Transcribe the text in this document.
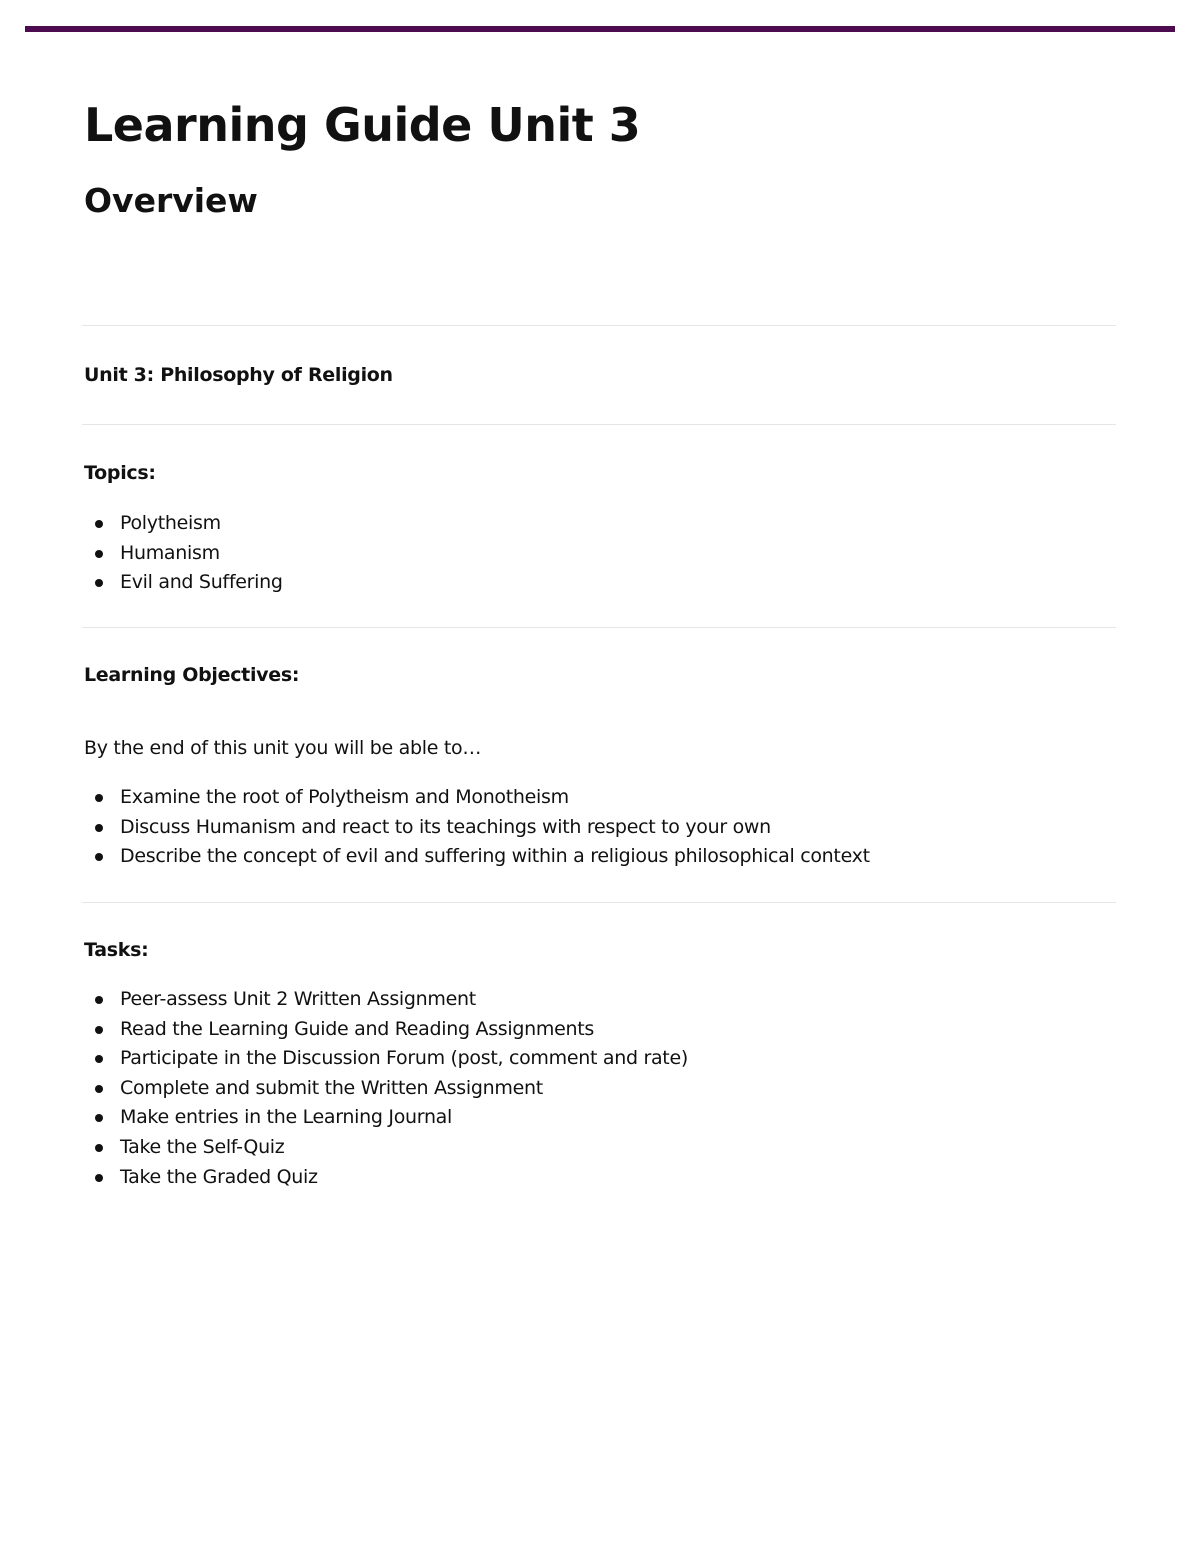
Learning Guide Unit 3
Overview

Unit 3: Philosophy of Religion

Topics:

Polytheism
Humanism
Evil and Suffering

Learning Objectives:

By the end of this unit you will be able to…

Examine the root of Polytheism and Monotheism
Discuss Humanism and react to its teachings with respect to your own
Describe the concept of evil and suffering within a religious philosophical context

Tasks:

Peer-assess Unit 2 Written Assignment
Read the Learning Guide and Reading Assignments
Participate in the Discussion Forum (post, comment and rate)
Complete and submit the Written Assignment
Make entries in the Learning Journal
Take the Self-Quiz
Take the Graded Quiz
